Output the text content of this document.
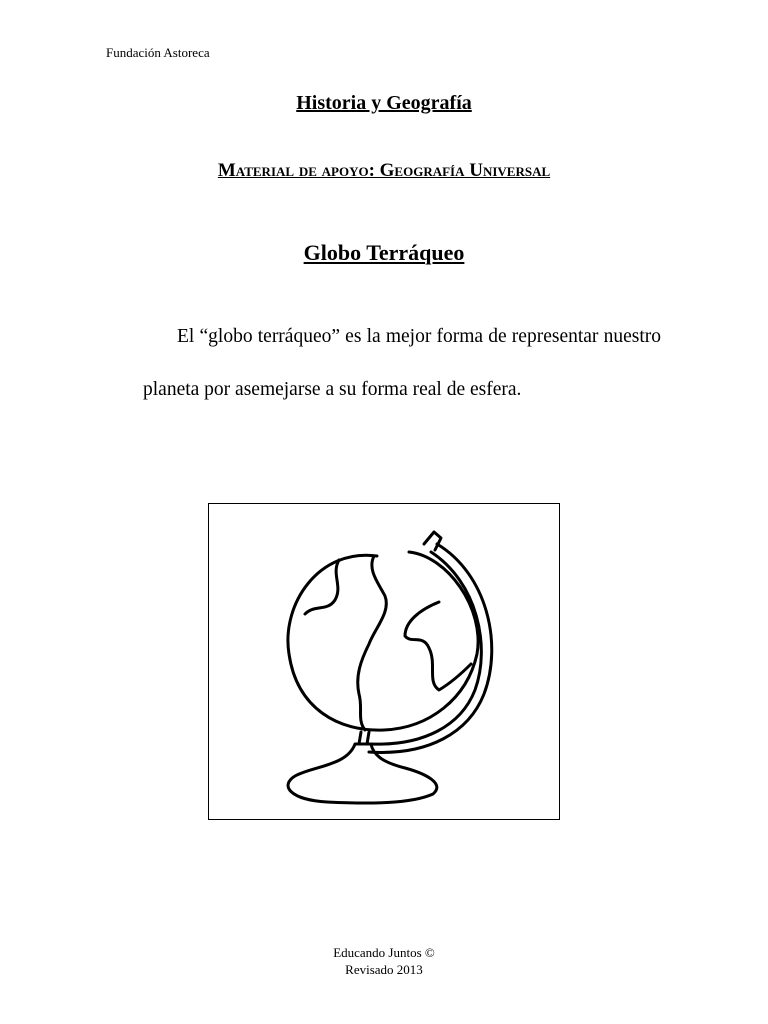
Fundación Astoreca
Historia y Geografía
Material de apoyo: Geografía Universal
Globo Terráqueo

El “globo terráqueo” es la mejor forma de representar nuestro planeta por asemejarse a su forma real de esfera.

Educando Juntos ©
Revisado 2013
